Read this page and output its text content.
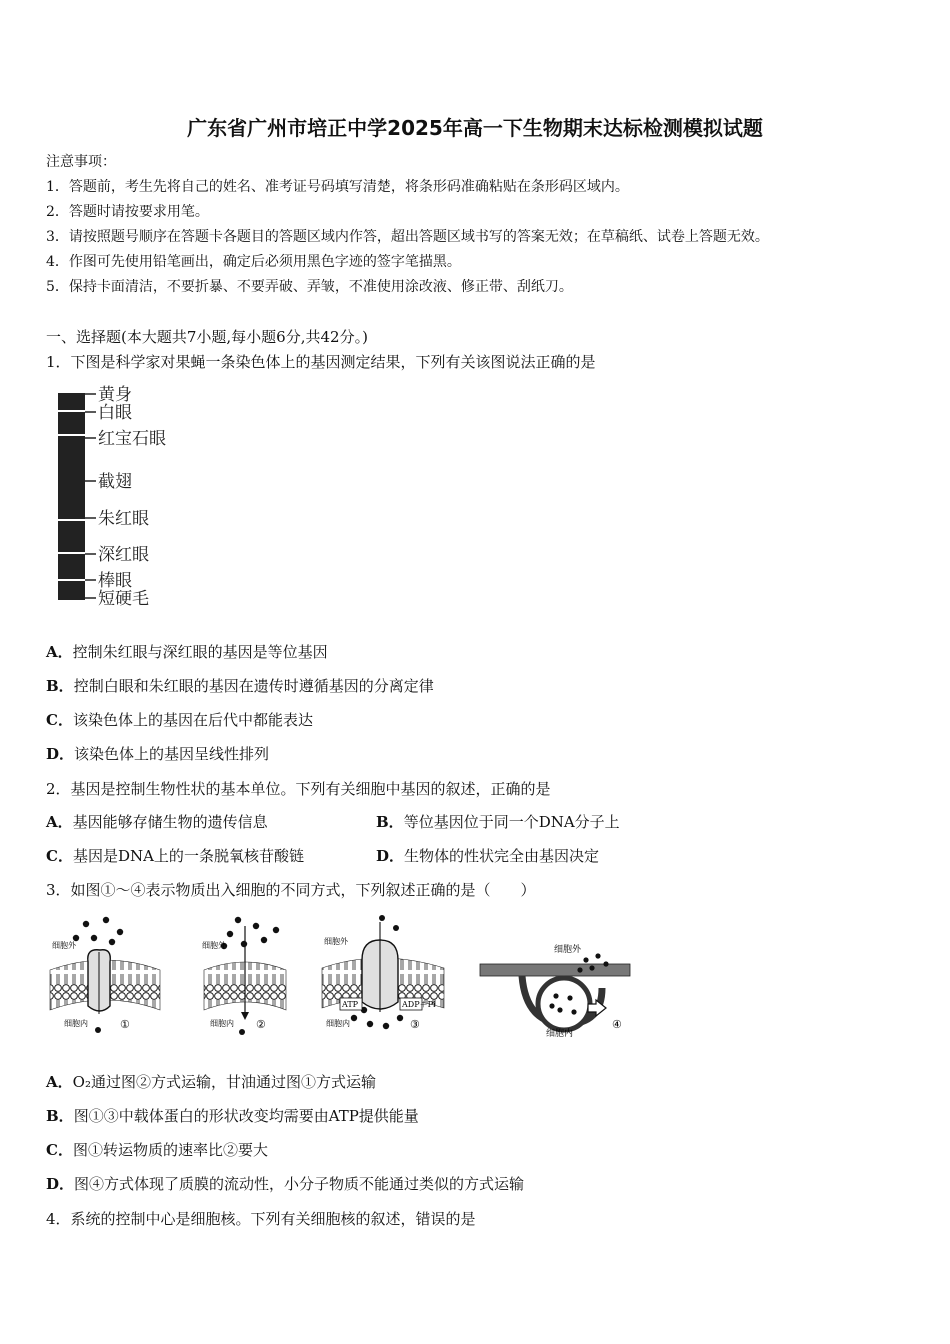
广东省广州市培正中学2025年高一下生物期末达标检测模拟试题
注意事项：
1．答题前，考生先将自己的姓名、准考证号码填写清楚，将条形码准确粘贴在条形码区域内。
2．答题时请按要求用笔。
3．请按照题号顺序在答题卡各题目的答题区域内作答，超出答题区域书写的答案无效；在草稿纸、试卷上答题无效。
4．作图可先使用铅笔画出，确定后必须用黑色字迹的签字笔描黑。
5．保持卡面清洁，不要折暴、不要弄破、弄皱，不准使用涂改液、修正带、刮纸刀。
一、选择题(本大题共7小题,每小题6分,共42分。)
1．下图是科学家对果蝇一条染色体上的基因测定结果，下列有关该图说法正确的是
黄身
白眼
红宝石眼
截翅
朱红眼
深红眼
棒眼
短硬毛
A．控制朱红眼与深红眼的基因是等位基因
B．控制白眼和朱红眼的基因在遗传时遵循基因的分离定律
C．该染色体上的基因在后代中都能表达
D．该染色体上的基因呈线性排列
2．基因是控制生物性状的基本单位。下列有关细胞中基因的叙述，正确的是
A．基因能够存储生物的遗传信息	B．等位基因位于同一个DNA分子上
C．基因是DNA上的一条脱氧核苷酸链	D．生物体的性状完全由基因决定
3．如图①～④表示物质出入细胞的不同方式，下列叙述正确的是（　　）
细胞外
细胞内	①
细胞外
细胞内 ②
ATP	ADP＋Pi
细胞外
细胞内	③
细胞外
细胞内
④
A．O₂通过图②方式运输，甘油通过图①方式运输
B．图①③中载体蛋白的形状改变均需要由ATP提供能量
C．图①转运物质的速率比②要大
D．图④方式体现了质膜的流动性，小分子物质不能通过类似的方式运输
4．系统的控制中心是细胞核。下列有关细胞核的叙述，错误的是
